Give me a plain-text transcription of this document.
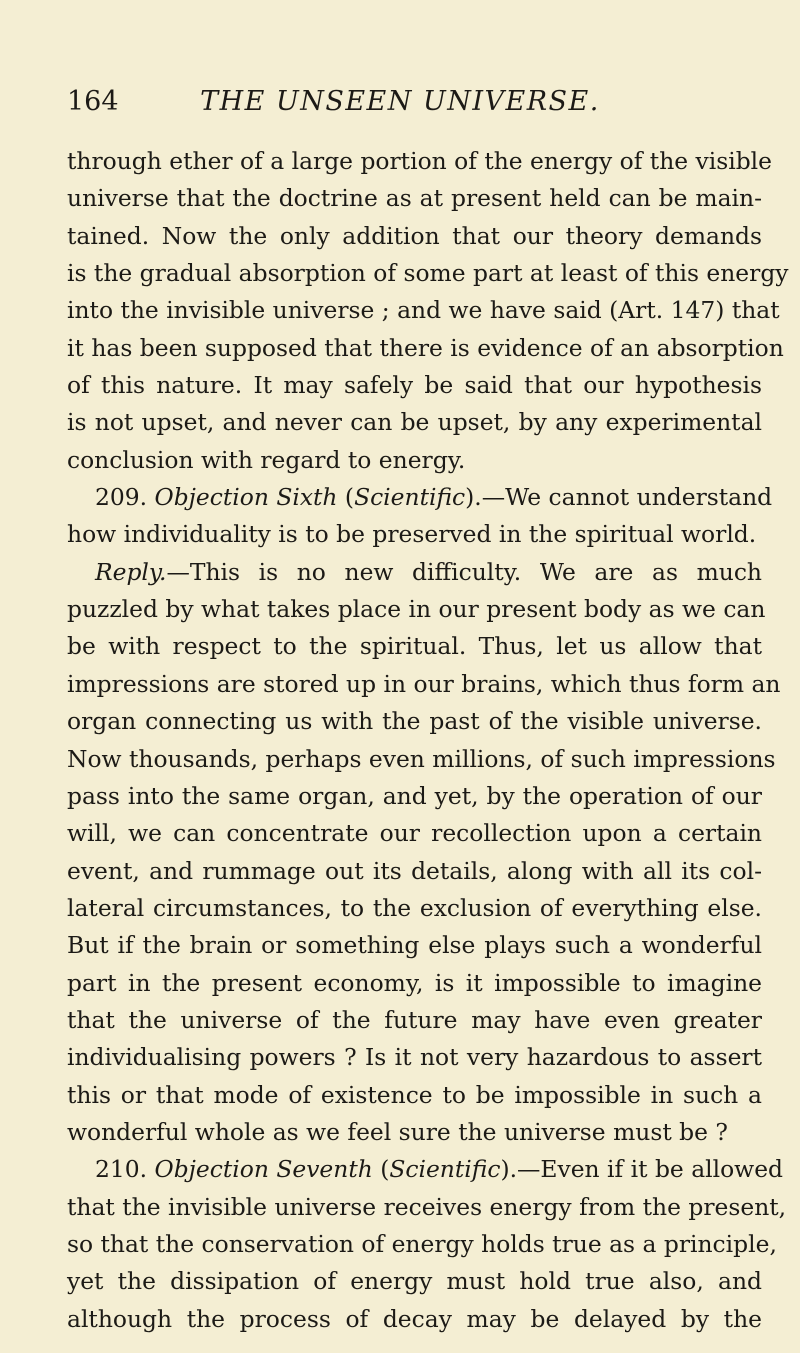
164	THE UNSEEN UNIVERSE.
through ether of a large portion of the energy of the visible
universe that the doctrine as at present held can be main-
tained. Now the only addition that our theory demands
is the gradual absorption of some part at least of this energy
into the invisible universe ; and we have said (Art. 147) that
it has been supposed that there is evidence of an absorption
of this nature. It may safely be said that our hypothesis
is not upset, and never can be upset, by any experimental
conclusion with regard to energy.
209. Objection Sixth (Scientific).—We cannot understand
how individuality is to be preserved in the spiritual world.
Reply.—This is no new difficulty. We are as much
puzzled by what takes place in our present body as we can
be with respect to the spiritual. Thus, let us allow that
impressions are stored up in our brains, which thus form an
organ connecting us with the past of the visible universe.
Now thousands, perhaps even millions, of such impressions
pass into the same organ, and yet, by the operation of our
will, we can concentrate our recollection upon a certain
event, and rummage out its details, along with all its col-
lateral circumstances, to the exclusion of everything else.
But if the brain or something else plays such a wonderful
part in the present economy, is it impossible to imagine
that the universe of the future may have even greater
individualising powers ? Is it not very hazardous to assert
this or that mode of existence to be impossible in such a
wonderful whole as we feel sure the universe must be ?
210. Objection Seventh (Scientific).—Even if it be allowed
that the invisible universe receives energy from the present,
so that the conservation of energy holds true as a principle,
yet the dissipation of energy must hold true also, and
although the process of decay may be delayed by the
